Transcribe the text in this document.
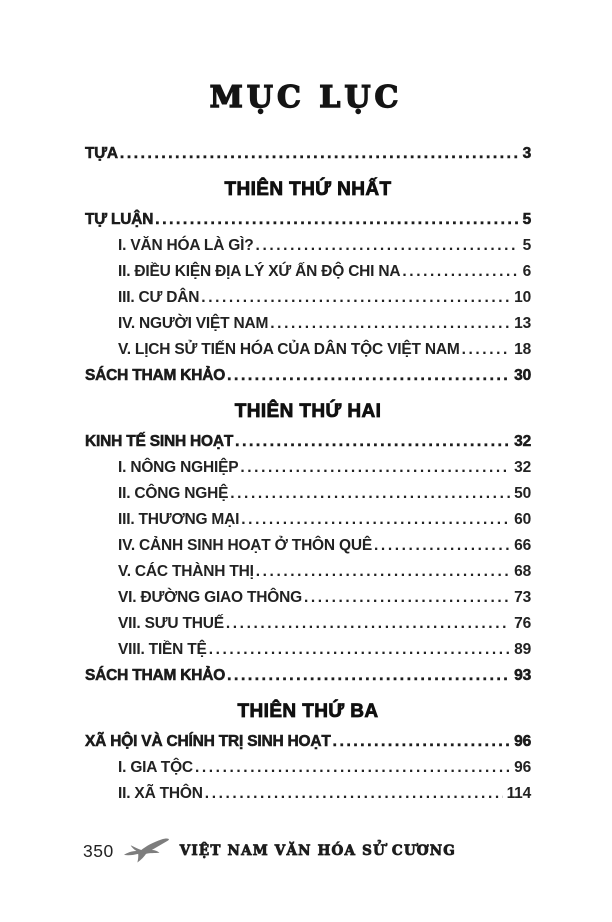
MỤC LỤC
TỰA .....	3
THIÊN THỨ NHẤT
TỰ LUẬN .....	5
I. VĂN HÓA LÀ GÌ? .....	5
II. ĐIỀU KIỆN ĐỊA LÝ XỨ ẤN ĐỘ CHI NA .....	6
III. CƯ DÂN .....	10
IV. NGƯỜI VIỆT NAM .....	13
V. LỊCH SỬ TIẾN HÓA CỦA DÂN TỘC VIỆT NAM .....	18
SÁCH THAM KHẢO .....	30
THIÊN THỨ HAI
KINH TẾ SINH HOẠT .....	32
I. NÔNG NGHIỆP .....	32
II. CÔNG NGHỆ .....	50
III. THƯƠNG MẠI .....	60
IV. CẢNH SINH HOẠT Ở THÔN QUÊ .....	66
V. CÁC THÀNH THỊ .....	68
VI. ĐƯỜNG GIAO THÔNG .....	73
VII. SƯU THUẾ .....	76
VIII. TIỀN TỆ .....	89
SÁCH THAM KHẢO .....	93
THIÊN THỨ BA
XÃ HỘI VÀ CHÍNH TRỊ SINH HOẠT .....	96
I. GIA TỘC .....	96
II. XÃ THÔN .....	114
350	VIỆT NAM VĂN HÓA SỬ CƯƠNG
